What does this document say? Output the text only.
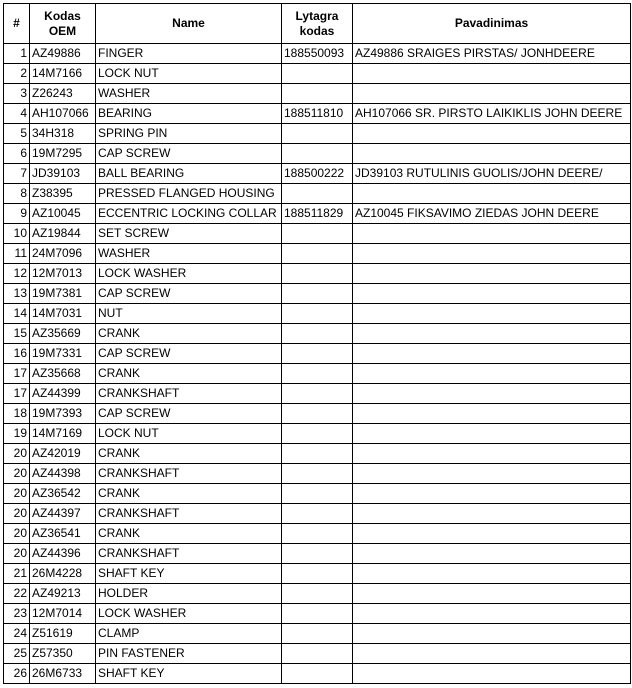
#	Kodas OEM	Name	Lytagra kodas	Pavadinimas
1	AZ49886	FINGER	188550093	AZ49886 SRAIGES PIRSTAS/ JONHDEERE
2	14M7166	LOCK NUT		
3	Z26243	WASHER		
4	AH107066	BEARING	188511810	AH107066 SR. PIRSTO LAIKIKLIS JOHN DEERE
5	34H318	SPRING PIN		
6	19M7295	CAP SCREW		
7	JD39103	BALL BEARING	188500222	JD39103 RUTULINIS GUOLIS/JOHN DEERE/
8	Z38395	PRESSED FLANGED HOUSING		
9	AZ10045	ECCENTRIC LOCKING COLLAR	188511829	AZ10045 FIKSAVIMO ZIEDAS JOHN DEERE
10	AZ19844	SET SCREW		
11	24M7096	WASHER		
12	12M7013	LOCK WASHER		
13	19M7381	CAP SCREW		
14	14M7031	NUT		
15	AZ35669	CRANK		
16	19M7331	CAP SCREW		
17	AZ35668	CRANK		
17	AZ44399	CRANKSHAFT		
18	19M7393	CAP SCREW		
19	14M7169	LOCK NUT		
20	AZ42019	CRANK		
20	AZ44398	CRANKSHAFT		
20	AZ36542	CRANK		
20	AZ44397	CRANKSHAFT		
20	AZ36541	CRANK		
20	AZ44396	CRANKSHAFT		
21	26M4228	SHAFT KEY		
22	AZ49213	HOLDER		
23	12M7014	LOCK WASHER		
24	Z51619	CLAMP		
25	Z57350	PIN FASTENER		
26	26M6733	SHAFT KEY		
